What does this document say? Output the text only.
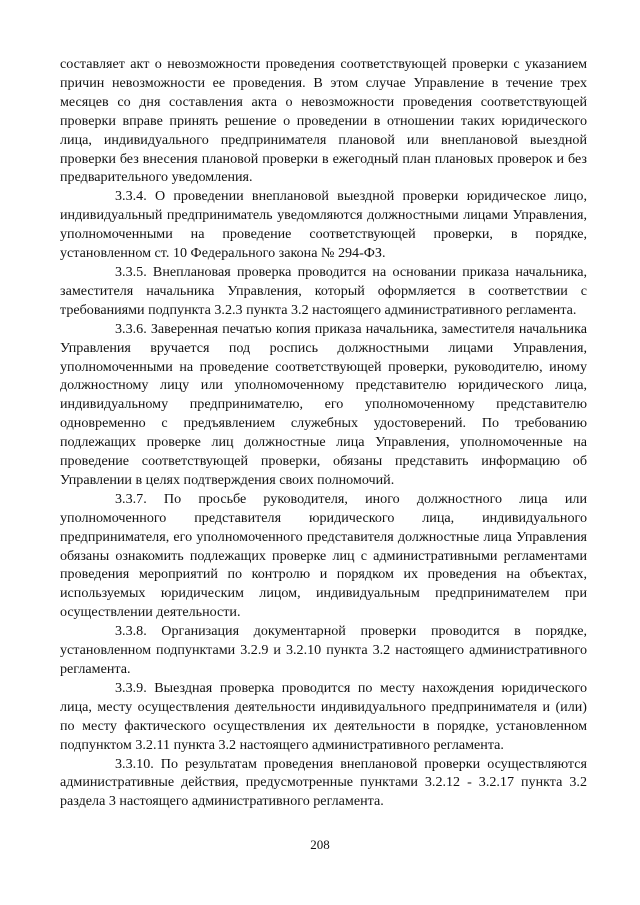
составляет акт о невозможности проведения соответствующей проверки с указанием причин невозможности ее проведения. В этом случае Управление в течение трех месяцев со дня составления акта о невозможности проведения соответствующей проверки вправе принять решение о проведении в отношении таких юридического лица, индивидуального предпринимателя плановой или внеплановой выездной проверки без внесения плановой проверки в ежегодный план плановых проверок и без предварительного уведомления.

3.3.4. О проведении внеплановой выездной проверки юридическое лицо, индивидуальный предприниматель уведомляются должностными лицами Управления, уполномоченными на проведение соответствующей проверки, в порядке, установленном ст. 10 Федерального закона № 294-ФЗ.

3.3.5. Внеплановая проверка проводится на основании приказа начальника, заместителя начальника Управления, который оформляется в соответствии с требованиями подпункта 3.2.3 пункта 3.2 настоящего административного регламента.

3.3.6. Заверенная печатью копия приказа начальника, заместителя начальника Управления вручается под роспись должностными лицами Управления, уполномоченными на проведение соответствующей проверки, руководителю, иному должностному лицу или уполномоченному представителю юридического лица, индивидуальному предпринимателю, его уполномоченному представителю одновременно с предъявлением служебных удостоверений. По требованию подлежащих проверке лиц должностные лица Управления, уполномоченные на проведение соответствующей проверки, обязаны представить информацию об Управлении в целях подтверждения своих полномочий.

3.3.7. По просьбе руководителя, иного должностного лица или уполномоченного представителя юридического лица, индивидуального предпринимателя, его уполномоченного представителя должностные лица Управления обязаны ознакомить подлежащих проверке лиц с административными регламентами проведения мероприятий по контролю и порядком их проведения на объектах, используемых юридическим лицом, индивидуальным предпринимателем при осуществлении деятельности.

3.3.8. Организация документарной проверки проводится в порядке, установленном подпунктами 3.2.9 и 3.2.10 пункта 3.2 настоящего административного регламента.

3.3.9. Выездная проверка проводится по месту нахождения юридического лица, месту осуществления деятельности индивидуального предпринимателя и (или) по месту фактического осуществления их деятельности в порядке, установленном подпунктом 3.2.11 пункта 3.2 настоящего административного регламента.

3.3.10. По результатам проведения внеплановой проверки осуществляются административные действия, предусмотренные пунктами 3.2.12 - 3.2.17 пункта 3.2 раздела 3 настоящего административного регламента.

208
